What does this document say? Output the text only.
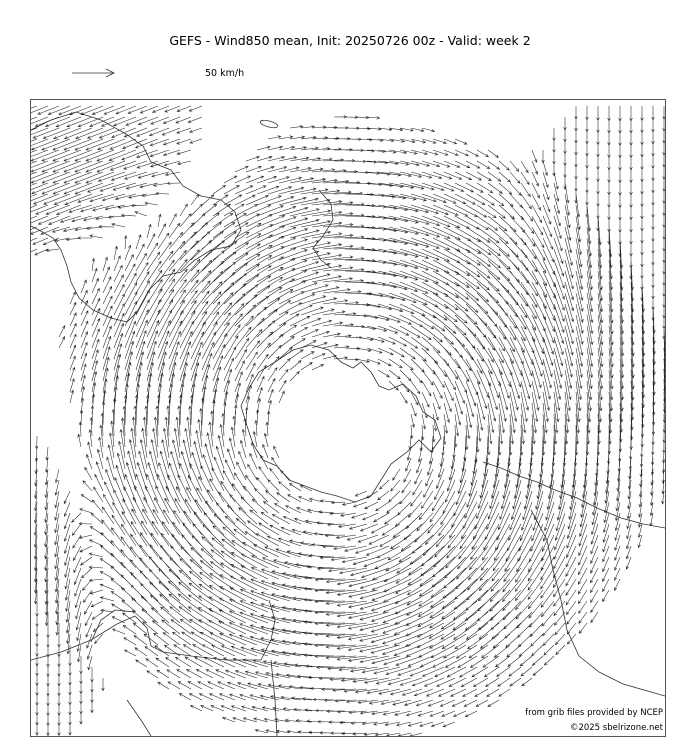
GEFS - Wind850 mean, Init: 20250726 00z - Valid: week 2
50 km/h
from grib files provided by NCEP
©2025 sbelrizone.net
